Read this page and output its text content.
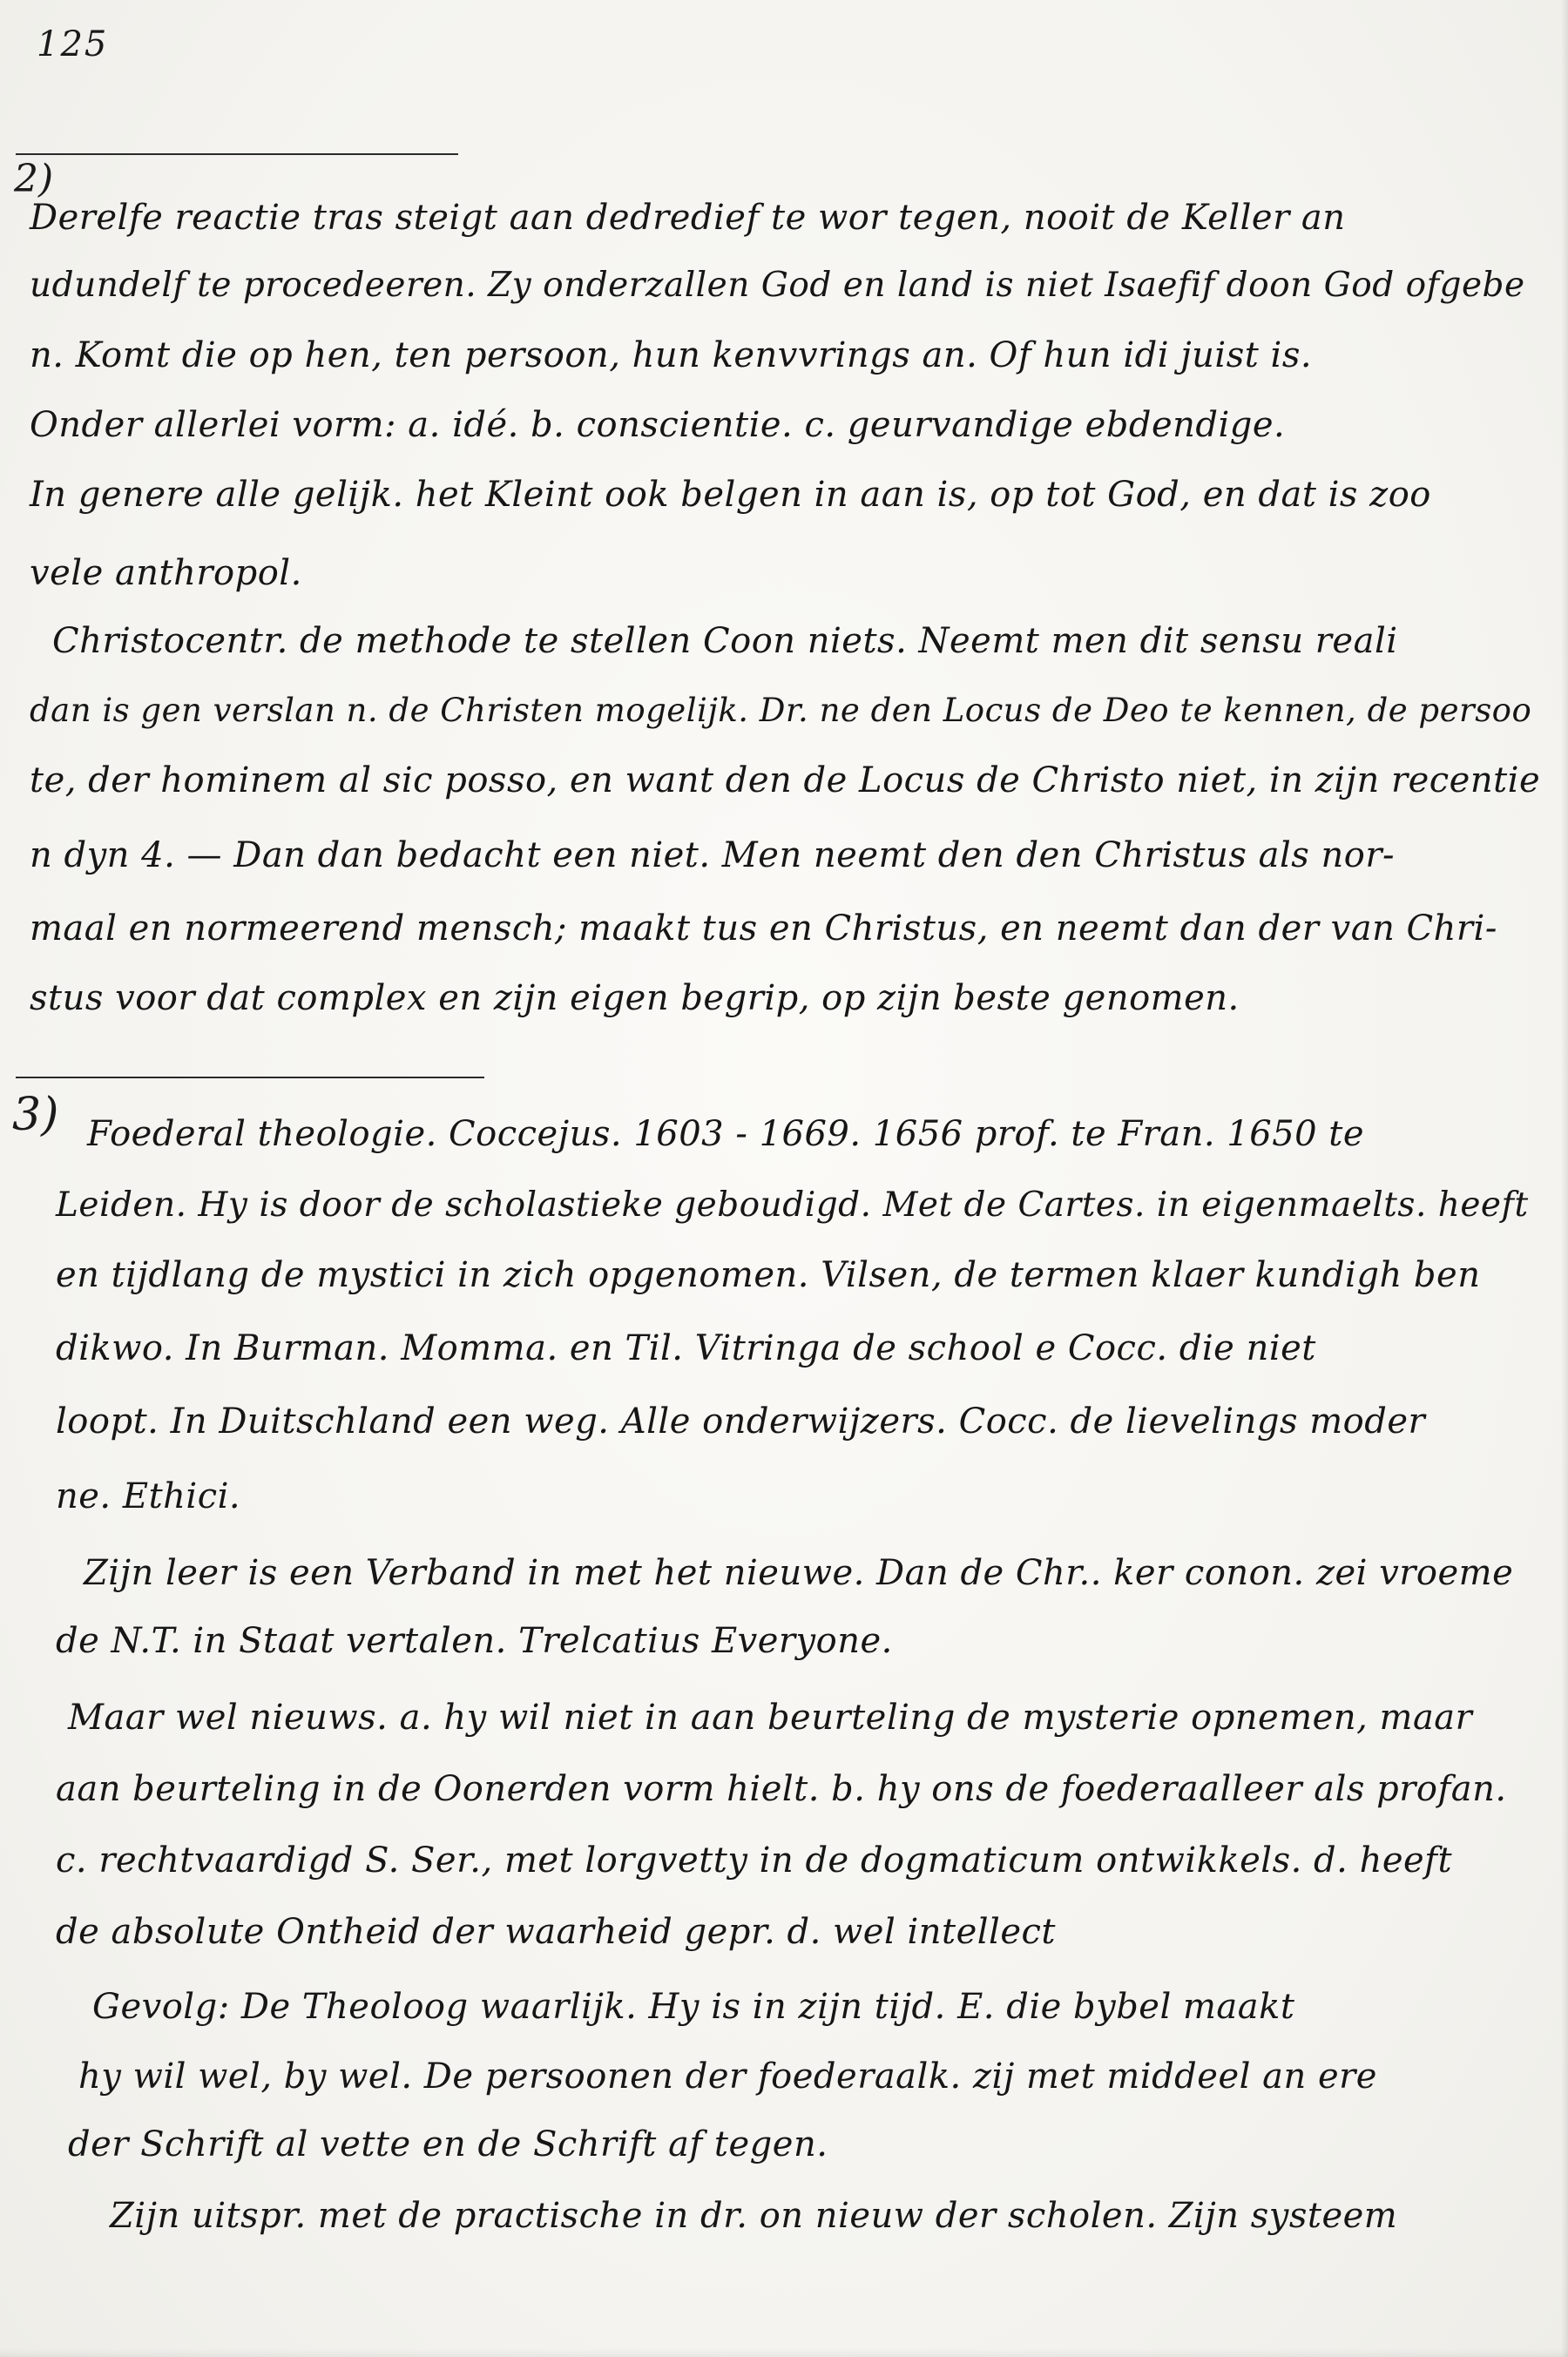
125
2)
Derelfe reactie tras steigt aan dedredief te wor tegen, nooit de Keller an
udundelf te procedeeren. Zy onderzallen God en land is niet Isaefif doon God ofgebe
n. Komt die op hen, ten persoon, hun kenvvrings an. Of hun idi juist is.
Onder allerlei vorm: a. idé. b. conscientie. c. geurvandige ebdendige.
In genere alle gelijk. het Kleint ook belgen in aan is, op tot God, en dat is zoo
vele anthropol.
Christocentr. de methode te stellen Coon niets. Neemt men dit sensu reali
dan is gen verslan n. de Christen mogelijk. Dr. ne den Locus de Deo te kennen, de persoo
te, der hominem al sic posso, en want den de Locus de Christo niet, in zijn recentie
n dyn 4. — Dan dan bedacht een niet. Men neemt den den Christus als nor-
maal en normeerend mensch; maakt tus en Christus, en neemt dan der van Chri-
stus voor dat complex en zijn eigen begrip, op zijn beste genomen.
3) Foederal theologie. Coccejus. 1603 - 1669. 1656 prof. te Fran. 1650 te
Leiden. Hy is door de scholastieke geboudigd. Met de Cartes. in eigenmaelts. heeft
en tijdlang de mystici in zich opgenomen. Vilsen, de termen klaer kundigh ben
dikwo. In Burman. Momma. en Til. Vitringa de school e Cocc. die niet
loopt. In Duitschland een weg. Alle onderwijzers. Cocc. de lievelings moder
ne. Ethici.
Zijn leer is een Verband in met het nieuwe. Dan de Chr.. ker conon. zei vroeme
de N.T. in Staat vertalen. Trelcatius Everyone.
Maar wel nieuws. a. hy wil niet in aan beurteling de mysterie opnemen, maar
aan beurteling in de Oonerden vorm hielt. b. hy ons de foederaalleer als profan.
c. rechtvaardigd S. Ser., met lorgvetty in de dogmaticum ontwikkels. d. heeft
de absolute Ontheid der waarheid gepr. d. wel intellect
Gevolg: De Theoloog waarlijk. Hy is in zijn tijd. E. die bybel maakt
hy wil wel, by wel. De persoonen der foederaalk. zij met middeel an ere
der Schrift al vette en de Schrift af tegen.
Zijn uitspr. met de practische in dr. on nieuw der scholen. Zijn systeem
